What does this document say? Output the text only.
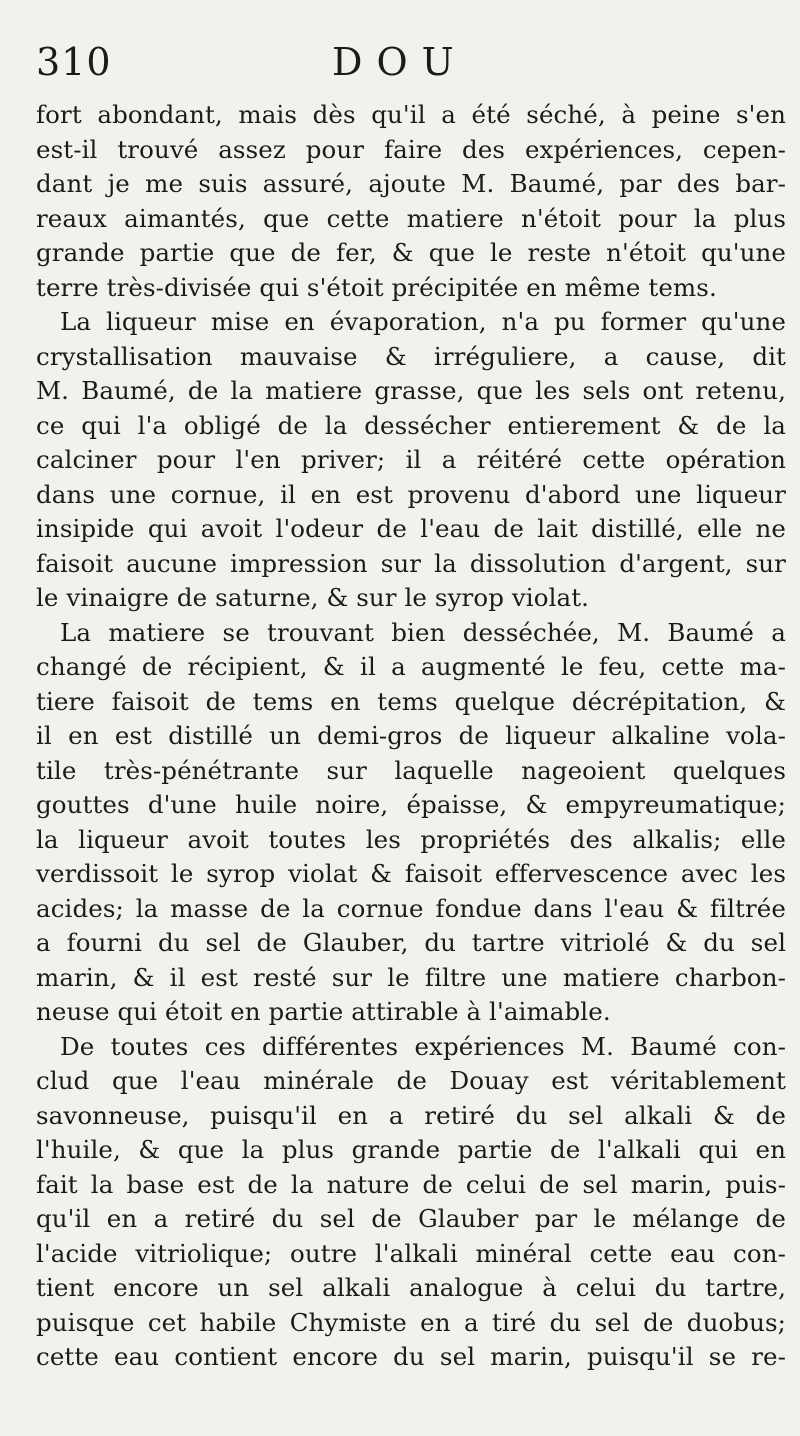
310	DOU
fort abondant, mais dès qu'il a été séché, à peine s'en
est-il trouvé assez pour faire des expériences, cepen-
dant je me suis assuré, ajoute M. Baumé, par des bar-
reaux aimantés, que cette matiere n'étoit pour la plus
grande partie que de fer, & que le reste n'étoit qu'une
terre très-divisée qui s'étoit précipitée en même tems.
La liqueur mise en évaporation, n'a pu former qu'une
crystallisation mauvaise & irréguliere, a cause, dit
M. Baumé, de la matiere grasse, que les sels ont retenu,
ce qui l'a obligé de la dessécher entierement & de la
calciner pour l'en priver; il a réitéré cette opération
dans une cornue, il en est provenu d'abord une liqueur
insipide qui avoit l'odeur de l'eau de lait distillé, elle ne
faisoit aucune impression sur la dissolution d'argent, sur
le vinaigre de saturne, & sur le syrop violat.
La matiere se trouvant bien desséchée, M. Baumé a
changé de récipient, & il a augmenté le feu, cette ma-
tiere faisoit de tems en tems quelque décrépitation, &
il en est distillé un demi-gros de liqueur alkaline vola-
tile très-pénétrante sur laquelle nageoient quelques
gouttes d'une huile noire, épaisse, & empyreumatique;
la liqueur avoit toutes les propriétés des alkalis; elle
verdissoit le syrop violat & faisoit effervescence avec les
acides; la masse de la cornue fondue dans l'eau & filtrée
a fourni du sel de Glauber, du tartre vitriolé & du sel
marin, & il est resté sur le filtre une matiere charbon-
neuse qui étoit en partie attirable à l'aimable.
De toutes ces différentes expériences M. Baumé con-
clud que l'eau minérale de Douay est véritablement
savonneuse, puisqu'il en a retiré du sel alkali & de
l'huile, & que la plus grande partie de l'alkali qui en
fait la base est de la nature de celui de sel marin, puis-
qu'il en a retiré du sel de Glauber par le mélange de
l'acide vitriolique; outre l'alkali minéral cette eau con-
tient encore un sel alkali analogue à celui du tartre,
puisque cet habile Chymiste en a tiré du sel de duobus;
cette eau contient encore du sel marin, puisqu'il se re-
